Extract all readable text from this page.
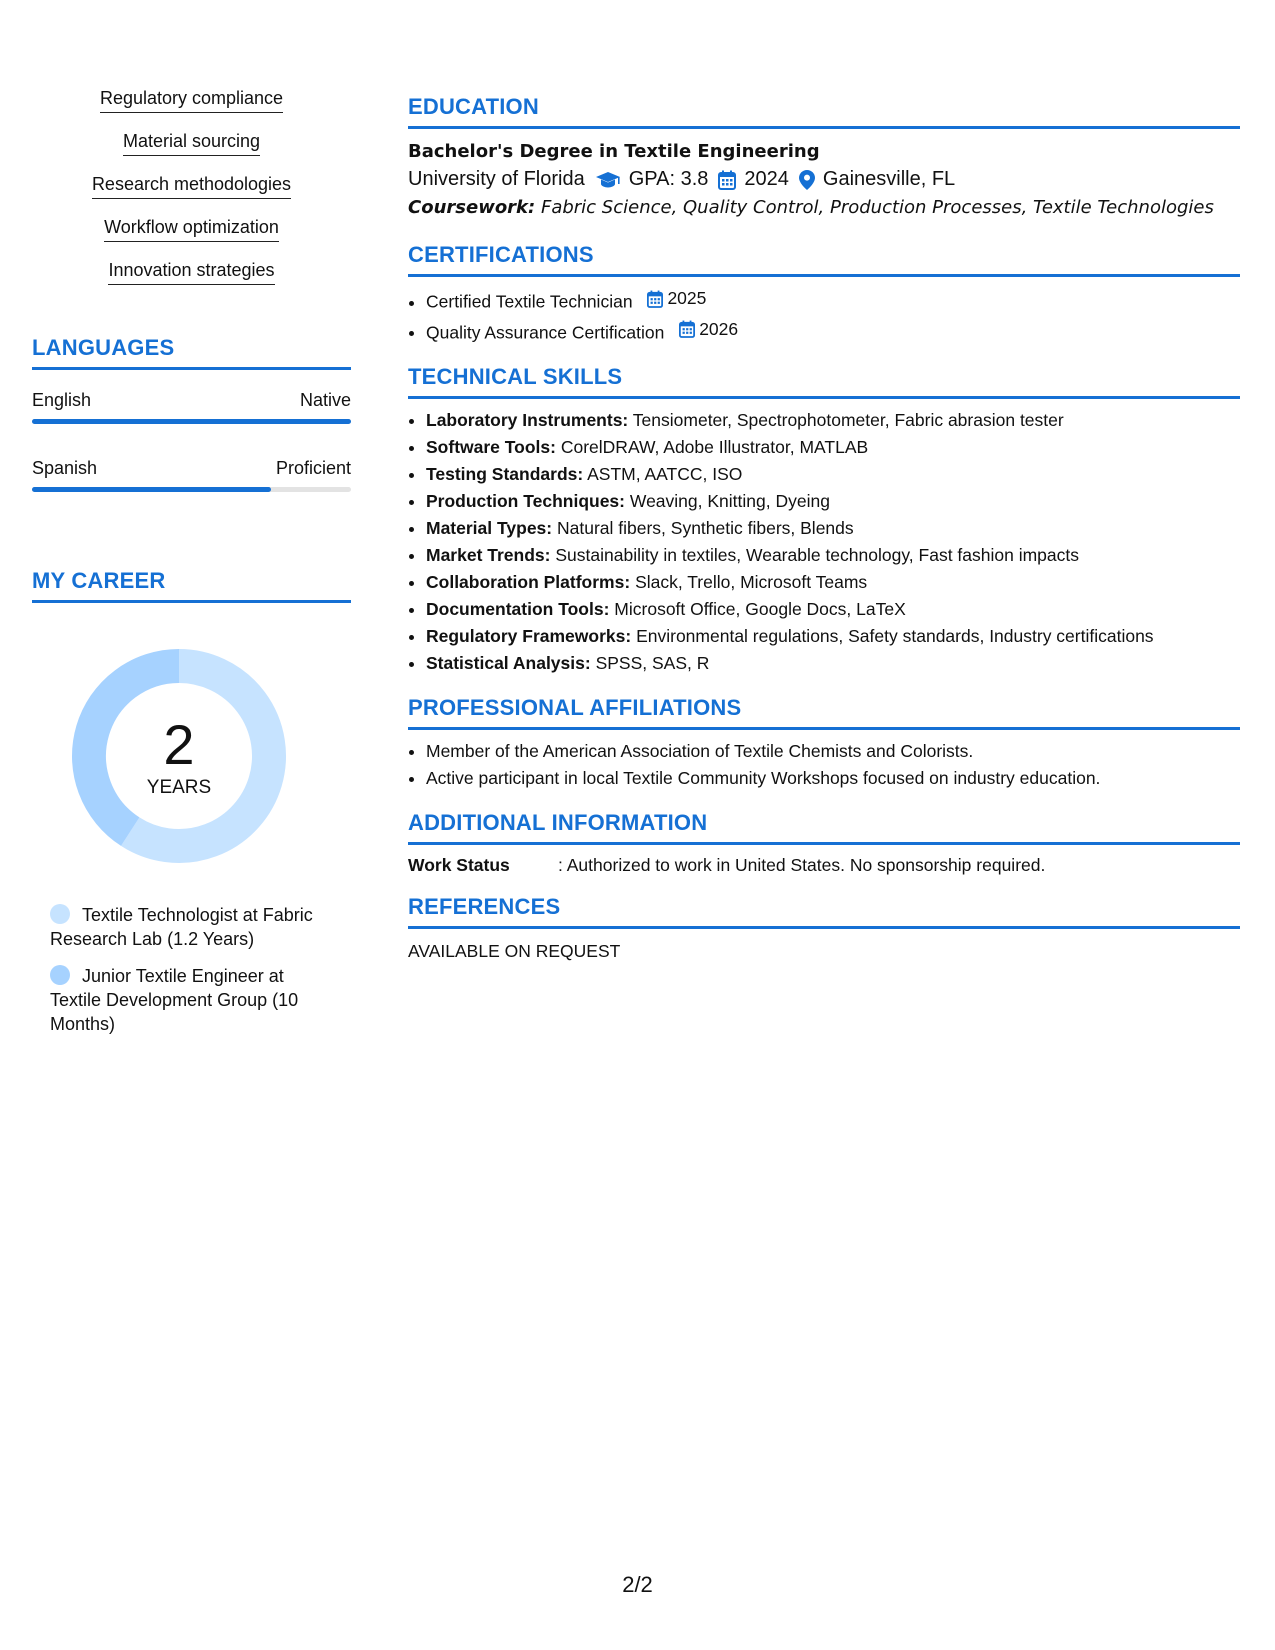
Regulatory compliance
Material sourcing
Research methodologies
Workflow optimization
Innovation strategies
LANGUAGES
English	Native
Spanish	Proficient
MY CAREER
2
YEARS
Textile Technologist at Fabric Research Lab (1.2 Years)
Junior Textile Engineer at Textile Development Group (10 Months)
EDUCATION
Bachelor's Degree in Textile Engineering
University of Florida GPA: 3.8 2024 Gainesville, FL
Coursework: Fabric Science, Quality Control, Production Processes, Textile Technologies
CERTIFICATIONS
• Certified Textile Technician 2025
• Quality Assurance Certification 2026
TECHNICAL SKILLS
• Laboratory Instruments: Tensiometer, Spectrophotometer, Fabric abrasion tester
• Software Tools: CorelDRAW, Adobe Illustrator, MATLAB
• Testing Standards: ASTM, AATCC, ISO
• Production Techniques: Weaving, Knitting, Dyeing
• Material Types: Natural fibers, Synthetic fibers, Blends
• Market Trends: Sustainability in textiles, Wearable technology, Fast fashion impacts
• Collaboration Platforms: Slack, Trello, Microsoft Teams
• Documentation Tools: Microsoft Office, Google Docs, LaTeX
• Regulatory Frameworks: Environmental regulations, Safety standards, Industry certifications
• Statistical Analysis: SPSS, SAS, R
PROFESSIONAL AFFILIATIONS
• Member of the American Association of Textile Chemists and Colorists.
• Active participant in local Textile Community Workshops focused on industry education.
ADDITIONAL INFORMATION
Work Status	: Authorized to work in United States. No sponsorship required.
REFERENCES
AVAILABLE ON REQUEST
2/2
